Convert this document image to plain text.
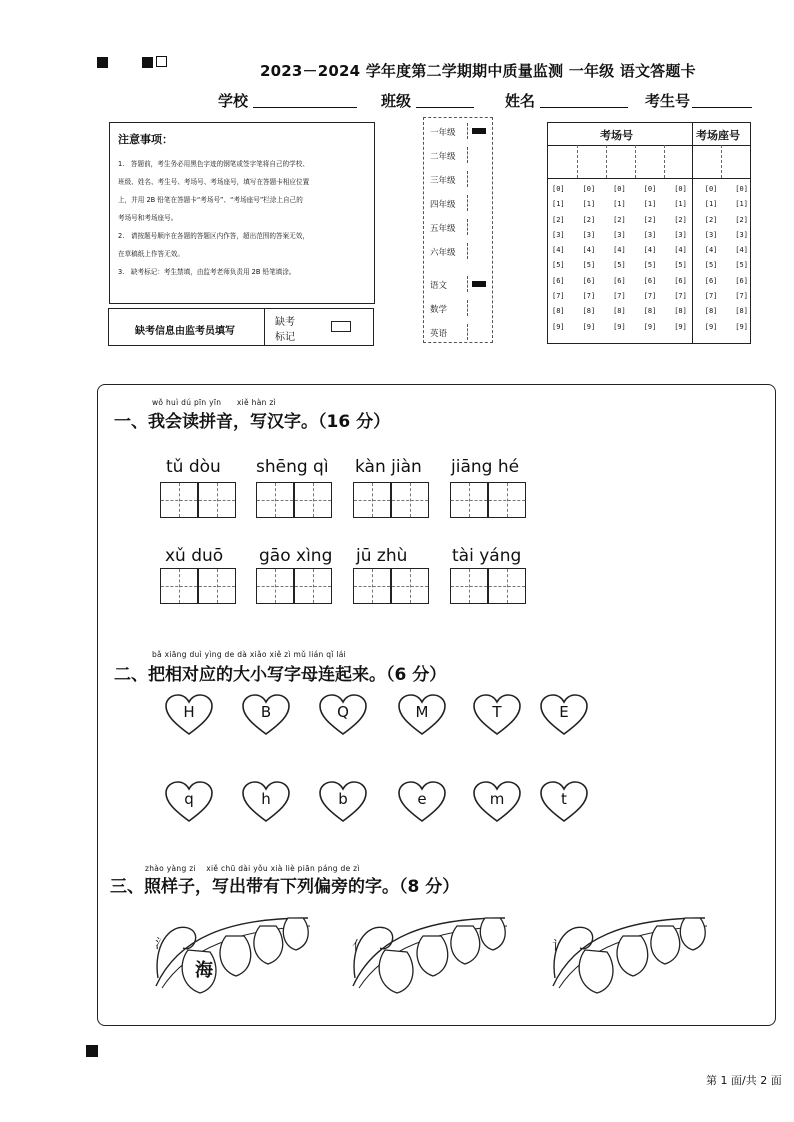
2023－2024 学年度第二学期期中质量监测 一年级 语文答题卡
学校	班级	姓名	考生号
注意事项：

1.　答题前，考生务必用黑色字迹的钢笔或签字笔将自己的学校、

班级、姓名、考生号、考场号、考场座号，填写在答题卡相应位置

上，并用 2B 铅笔在答题卡“考场号”、“考场座号”栏涂上自己的

考场号和考场座号。

2.　请按题号顺序在各题的答题区内作答，超出范围的答案无效，

在草稿纸上作答无效。

3.　缺考标记：考生禁填，由监考老师负责用 2B 铅笔填涂。

缺考信息由监考员填写
缺考
标记
一年级
二年级
三年级
四年级
五年级
六年级
语文
数学
英语
考场号	考场座号
[0]	[0]	[0]	[0]	[0]	[0]	[0]
[1]	[1]	[1]	[1]	[1]	[1]	[1]
[2]	[2]	[2]	[2]	[2]	[2]	[2]
[3]	[3]	[3]	[3]	[3]	[3]	[3]
[4]	[4]	[4]	[4]	[4]	[4]	[4]
[5]	[5]	[5]	[5]	[5]	[5]	[5]
[6]	[6]	[6]	[6]	[6]	[6]	[6]
[7]	[7]	[7]	[7]	[7]	[7]	[7]
[8]	[8]	[8]	[8]	[8]	[8]	[8]
[9]	[9]	[9]	[9]	[9]	[9]	[9]
wǒ huì dú pīn yīn　　xiě hàn zì
一、我会读拼音，写汉字。（16 分）
tǔ dòu shēng qì kàn jiàn jiāng hé
xǔ duō gāo xìng jū zhù	tài yáng
bǎ xiāng duì yìng de dà xiǎo xiě zì mǔ lián qǐ lái
二、把相对应的大小写字母连起来。（6 分）
H	B	Q	M	T	E
q	h	b	e	m	t
zhào yàng zi　 xiě chū dài yǒu xià liè piān páng de zì
三、照样子，写出带有下列偏旁的字。（8 分）
氵
海
亻	讠
第 1 面/共 2 面
